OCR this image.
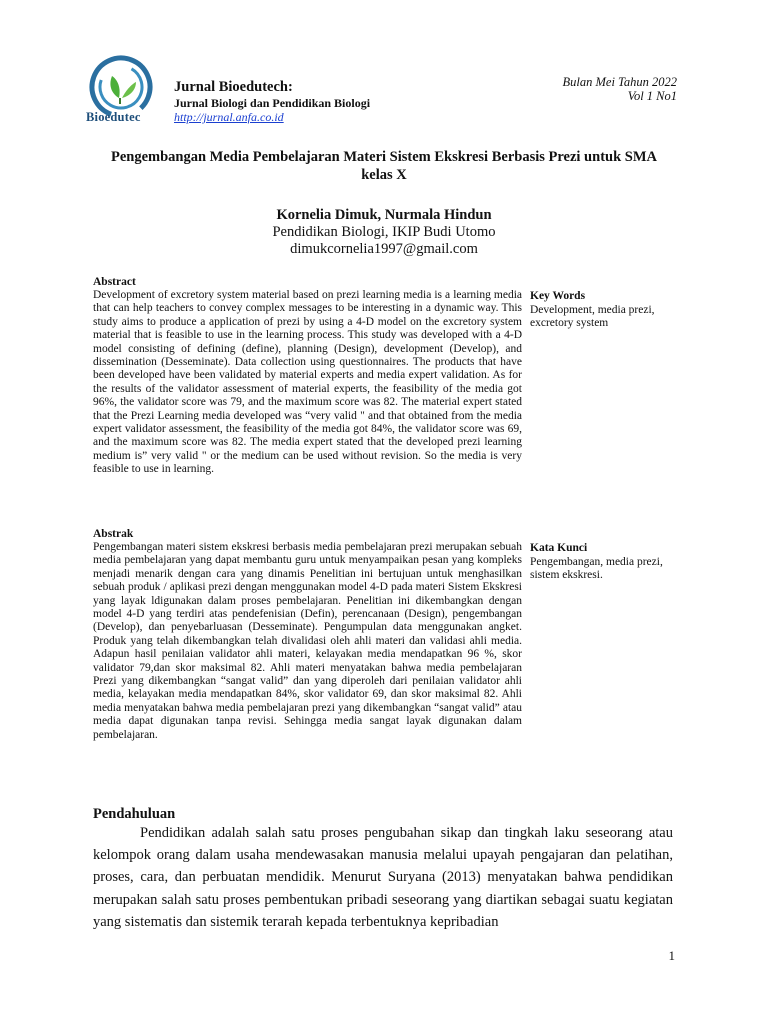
Bioedutec
Jurnal Bioedutech:
Jurnal Biologi dan Pendidikan Biologi
http://jurnal.anfa.co.id
Bulan Mei Tahun 2022
Vol 1 No1
Pengembangan Media Pembelajaran Materi Sistem Ekskresi Berbasis Prezi untuk SMA kelas X
Kornelia Dimuk, Nurmala Hindun
Pendidikan Biologi, IKIP Budi Utomo
dimukcornelia1997@gmail.com
Abstract
Development of excretory system material based on prezi learning media is a learning media that can help teachers to convey complex messages to be interesting in a dynamic way. This study aims to produce a application of prezi by using a 4-D model on the excretory system material that is feasible to use in the learning process. This study was developed with a 4-D model consisting of defining (define), planning (Design), development (Develop), and dissemination (Desseminate). Data collection using questionnaires. The products that have been developed have been validated by material experts and media expert validation. As for the results of the validator assessment of material experts, the feasibility of the media got 96%, the validator score was 79, and the maximum score was 82. The material expert stated that the Prezi Learning media developed was “very valid " and that obtained from the media expert validator assessment, the feasibility of the media got 84%, the validator score was 69, and the maximum score was 82. The media expert stated that the developed prezi learning medium is” very valid " or the medium can be used without revision. So the media is very feasible to use in learning.
Key Words
Development, media prezi, excretory system
Abstrak
Pengembangan materi sistem ekskresi berbasis media pembelajaran prezi merupakan sebuah media pembelajaran yang dapat membantu guru untuk menyampaikan pesan yang kompleks menjadi menarik dengan cara yang dinamis Penelitian ini bertujuan untuk menghasilkan sebuah produk / aplikasi prezi dengan menggunakan model 4-D pada materi Sistem Ekskresi yang layak ldigunakan dalam proses pembelajaran. Penelitian ini dikembangkan dengan model 4-D yang terdiri atas pendefenisian (Defin), perencanaan (Design), pengembangan (Develop), dan penyebarluasan (Desseminate). Pengumpulan data menggunakan angket. Produk yang telah dikembangkan telah divalidasi oleh ahli materi dan validasi ahli media. Adapun hasil penilaian validator ahli materi, kelayakan media mendapatkan 96 %, skor validator 79,dan skor maksimal 82. Ahli materi menyatakan bahwa media pembelajaran Prezi yang dikembangkan “sangat valid” dan yang diperoleh dari penilaian validator ahli media, kelayakan media mendapatkan 84%, skor validator 69, dan skor maksimal 82. Ahli media menyatakan bahwa media pembelajaran prezi yang dikembangkan “sangat valid” atau media dapat digunakan tanpa revisi. Sehingga media sangat layak digunakan dalam pembelajaran.
Kata Kunci
Pengembangan, media prezi, sistem ekskresi.
Pendahuluan
Pendidikan adalah salah satu proses pengubahan sikap dan tingkah laku seseorang atau kelompok orang dalam usaha mendewasakan manusia melalui upayah pengajaran dan pelatihan, proses, cara, dan perbuatan mendidik. Menurut Suryana (2013) menyatakan bahwa pendidikan merupakan salah satu proses pembentukan pribadi seseorang yang diartikan sebagai suatu kegiatan yang sistematis dan sistemik terarah kepada terbentuknya kepribadian
1
